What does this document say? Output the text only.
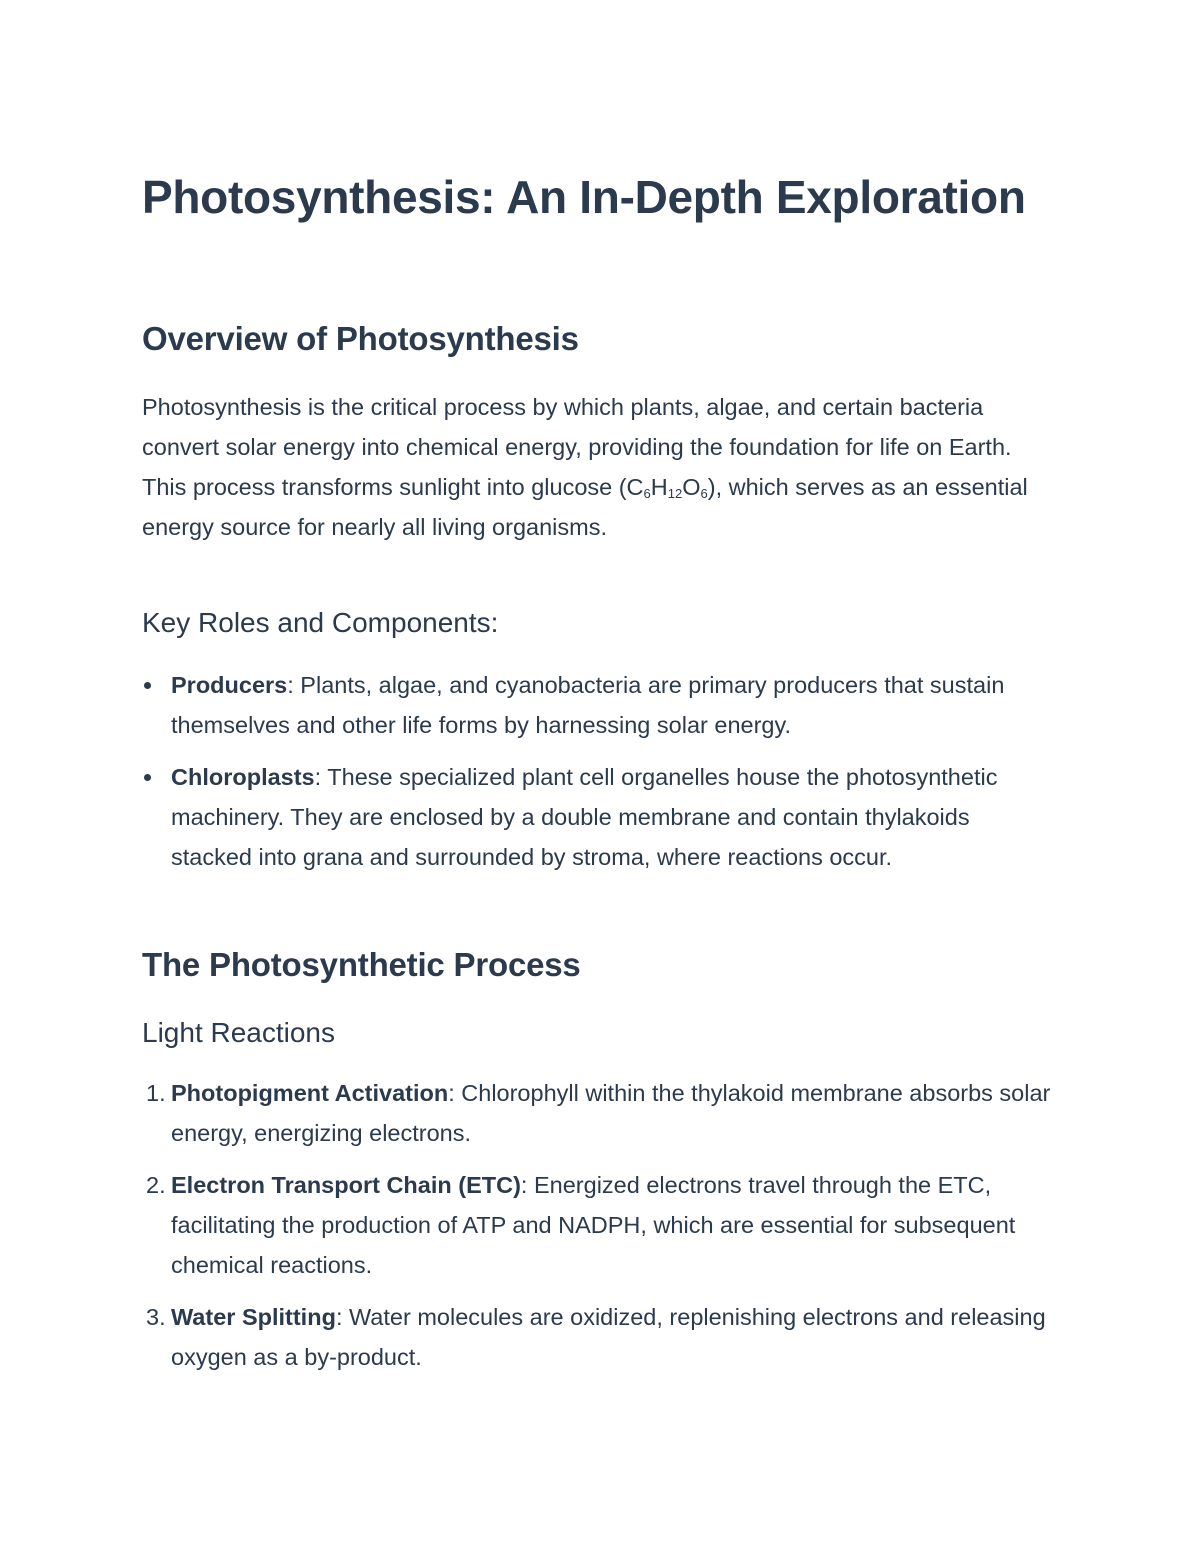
Photosynthesis: An In-Depth Exploration
Overview of Photosynthesis

Photosynthesis is the critical process by which plants, algae, and certain bacteria convert solar energy into chemical energy, providing the foundation for life on Earth. This process transforms sunlight into glucose $(C_6H_{12}O_6)$, which serves as an essential energy source for nearly all living organisms.

Key Roles and Components:
Producers: Plants, algae, and cyanobacteria are primary producers that sustain themselves and other life forms by harnessing solar energy.
Chloroplasts: These specialized plant cell organelles house the photosynthetic machinery. They are enclosed by a double membrane and contain thylakoids stacked into grana and surrounded by stroma, where reactions occur.
The Photosynthetic Process
Light Reactions
1. Photopigment Activation: Chlorophyll within the thylakoid membrane absorbs solar energy, energizing electrons.
2. Electron Transport Chain (ETC): Energized electrons travel through the ETC, facilitating the production of ATP and NADPH, which are essential for subsequent chemical reactions.
3. Water Splitting: Water molecules are oxidized, replenishing electrons and releasing oxygen as a by-product.
